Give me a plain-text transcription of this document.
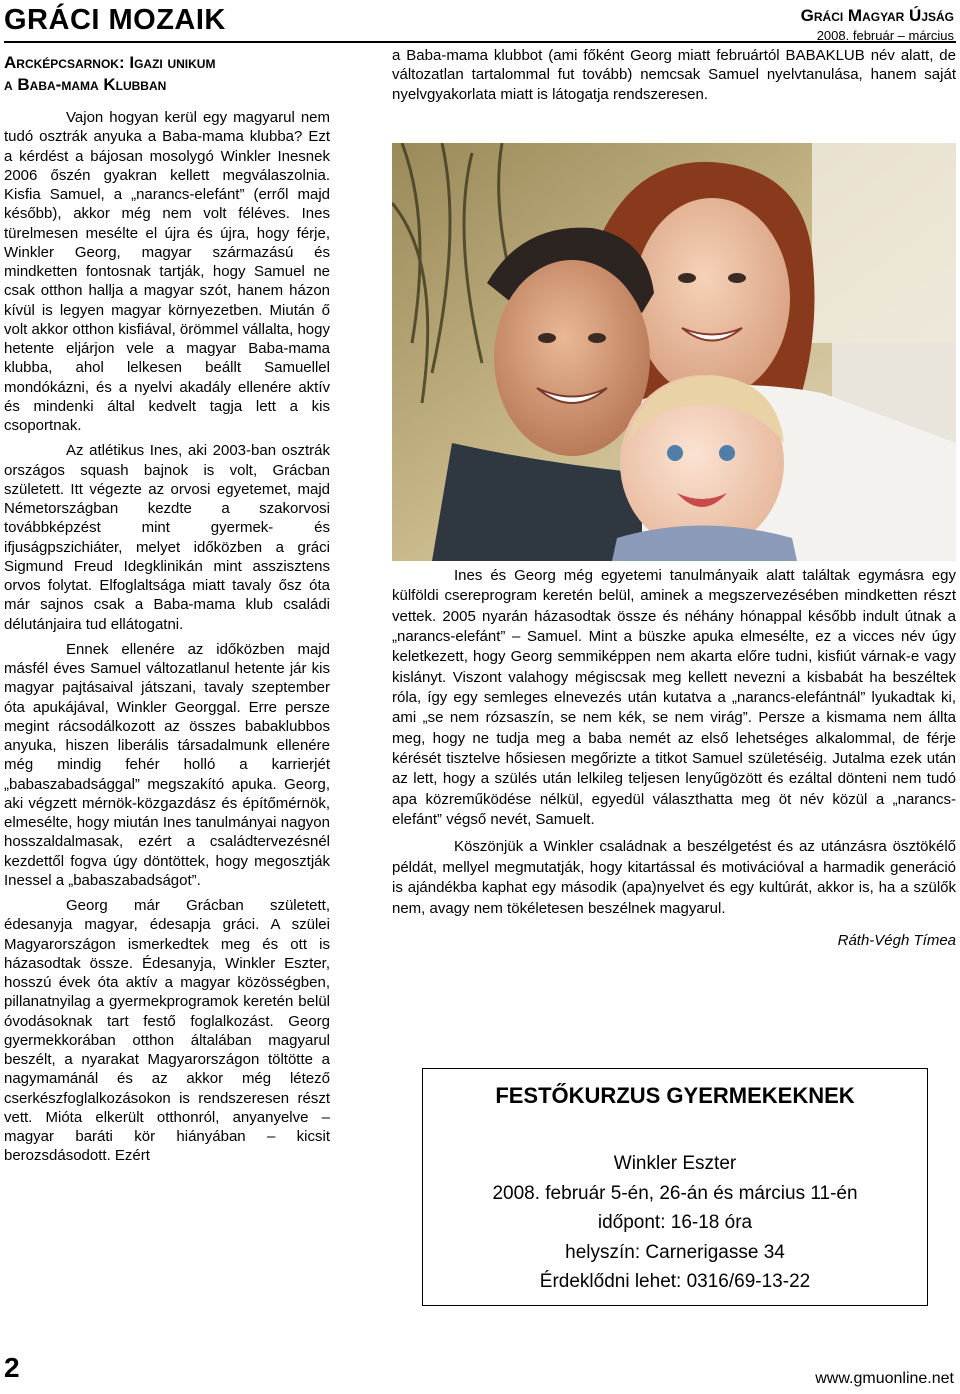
GRÁCI MOZAIK	Gráci Magyar Újság
2008. február – március
Arcképcsarnok: Igazi unikum
a Baba-mama Klubban

Vajon hogyan kerül egy magyarul nem tudó osztrák anyuka a Baba-mama klubba? Ezt a kérdést a bájosan mosolygó Winkler Inesnek 2006 őszén gyakran kellett megválaszolnia. Kisfia Samuel, a „narancs-elefánt” (erről majd később), akkor még nem volt féléves. Ines türelmesen mesélte el újra és újra, hogy férje, Winkler Georg, magyar származású és mindketten fontosnak tartják, hogy Samuel ne csak otthon hallja a magyar szót, hanem házon kívül is legyen magyar környezetben. Miután ő volt akkor otthon kisfiával, örömmel vállalta, hogy hetente eljárjon vele a magyar Baba-mama klubba, ahol lelkesen beállt Samuellel mondókázni, és a nyelvi akadály ellenére aktív és mindenki által kedvelt tagja lett a kis csoportnak.

Az atlétikus Ines, aki 2003-ban osztrák országos squash bajnok is volt, Grácban született. Itt végezte az orvosi egyetemet, majd Németországban kezdte a szakorvosi továbbképzést mint gyermek- és ifjuságpszichiáter, melyet időközben a gráci Sigmund Freud Idegklinikán mint asszisztens orvos folytat. Elfoglaltsága miatt tavaly ősz óta már sajnos csak a Baba-mama klub családi délutánjaira tud ellátogatni.

Ennek ellenére az időközben majd másfél éves Samuel változatlanul hetente jár kis magyar pajtásaival játszani, tavaly szeptember óta apukájával, Winkler Georggal. Erre persze megint rácsodálkozott az összes babaklubbos anyuka, hiszen liberális társadalmunk ellenére még mindig fehér holló a karrierjét „babaszabadsággal” megszakító apuka. Georg, aki végzett mérnök-közgazdász és építőmérnök, elmesélte, hogy miután Ines tanulmányai nagyon hosszaldalmasak, ezért a családtervezésnél kezdettől fogva úgy döntöttek, hogy megosztják Inessel a „babaszabadságot”.

Georg már Grácban született, édesanyja magyar, édesapja gráci. A szülei Magyarországon ismerkedtek meg és ott is házasodtak össze. Édesanyja, Winkler Eszter, hosszú évek óta aktív a magyar közösségben, pillanatnyilag a gyermekprogramok keretén belül óvodásoknak tart festő foglalkozást. Georg gyermekkorában otthon általában magyarul beszélt, a nyarakat Magyarországon töltötte a nagymamánál és az akkor még létező cserkészfoglalkozásokon is rendszeresen részt vett. Mióta elkerült otthonról, anyanyelve – magyar baráti kör hiányában – kicsit berozsdásodott. Ezért

a Baba-mama klubbot (ami főként Georg miatt februártól BABAKLUB név alatt, de változatlan tartalommal fut tovább) nemcsak Samuel nyelvtanulása, hanem saját nyelvgyakorlata miatt is látogatja rendszeresen.

Ines és Georg még egyetemi tanulmányaik alatt találtak egymásra egy külföldi csereprogram keretén belül, aminek a megszervezésében mindketten részt vettek. 2005 nyarán házasodtak össze és néhány hónappal később indult útnak a „narancs-elefánt” – Samuel. Mint a büszke apuka elmesélte, ez a vicces név úgy keletkezett, hogy Georg semmiképpen nem akarta előre tudni, kisfiút várnak-e vagy kislányt. Viszont valahogy mégiscsak meg kellett nevezni a kisbabát ha beszéltek róla, így egy semleges elnevezés után kutatva a „narancs-elefántnál” lyukadtak ki, ami „se nem rózsaszín, se nem kék, se nem virág”. Persze a kismama nem állta meg, hogy ne tudja meg a baba nemét az első lehetséges alkalommal, de férje kérését tisztelve hősiesen megőrizte a titkot Samuel születéséig. Jutalma ezek után az lett, hogy a szülés után lelkileg teljesen lenyűgözött és ezáltal dönteni nem tudó apa közreműködése nélkül, egyedül választhatta meg öt név közül a „narancs-elefánt” végső nevét, Samuelt.

Köszönjük a Winkler családnak a beszélgetést és az utánzásra ösztökélő példát, mellyel megmutatják, hogy kitartással és motivációval a harmadik generáció is ajándékba kaphat egy második (apa)nyelvet és egy kultúrát, akkor is, ha a szülők nem, avagy nem tökéletesen beszélnek magyarul.

Ráth-Végh Tímea

FESTŐKURZUS GYERMEKEKNEK
Winkler Eszter
2008. február 5-én, 26-án és március 11-én
időpont: 16-18 óra
helyszín: Carnerigasse 34
Érdeklődni lehet: 0316/69-13-22
2	www.gmuonline.net
